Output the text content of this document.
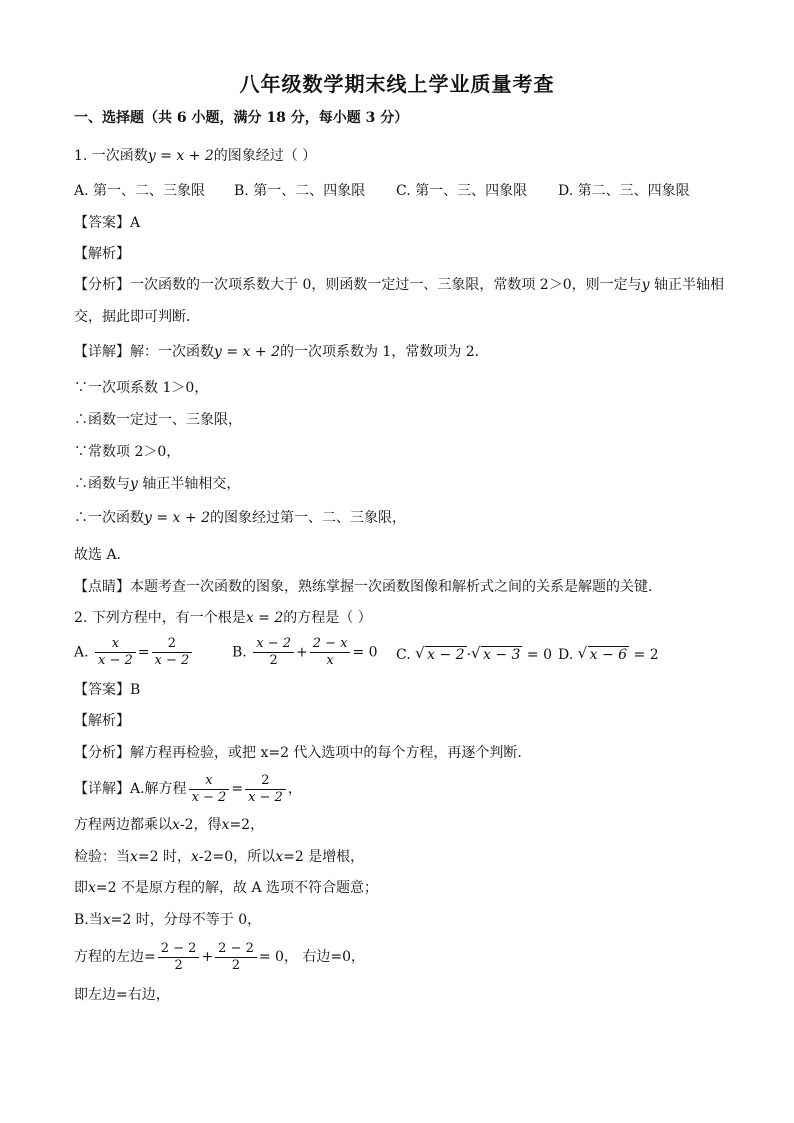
八年级数学期末线上学业质量考查
一、选择题（共 6 小题，满分 18 分，每小题 3 分）
1. 一次函数y = x + 2的图象经过（ ）
A. 第一、二、三象限 B. 第一、二、四象限 C. 第一、三、四象限 D. 第二、三、四象限
【答案】A
【解析】
【分析】一次函数的一次项系数大于 0，则函数一定过一、三象限，常数项 2＞0，则一定与y 轴正半轴相
交，据此即可判断．
【详解】解：一次函数y = x + 2的一次项系数为 1，常数项为 2．
∵一次项系数 1＞0，
∴函数一定过一、三象限，
∵常数项 2＞0，
∴函数与y 轴正半轴相交，
∴一次函数y = x + 2的图象经过第一、二、三象限，
故选 A．
【点睛】本题考查一次函数的图象，熟练掌握一次函数图像和解析式之间的关系是解题的关键．
2. 下列方程中，有一个根是x = 2的方程是（ ）
A. $\frac{x}{x - 2} = \frac{2}{x - 2}$	B. $\frac{x - 2}{2} + \frac{2 - x}{x} = 0$ C. √ x − 2 · √ x − 3 = 0 D. √ x − 6 = 2
【答案】B
【解析】
【分析】解方程再检验，或把 x=2 代入选项中的每个方程，再逐个判断．
【详解】A.解方程 $\frac{x}{x - 2} = \frac{2}{x - 2}$ ，
方程两边都乘以x-2，得x=2，
检验：当x=2 时，x-2=0，所以x=2 是增根，
即x=2 不是原方程的解，故 A 选项不符合题意；
B.当x=2 时，分母不等于 0，
方程的左边= $\frac{2 - 2}{2} + \frac{2 - 2}{2} = 0$， 右边=0，
即左边=右边，
